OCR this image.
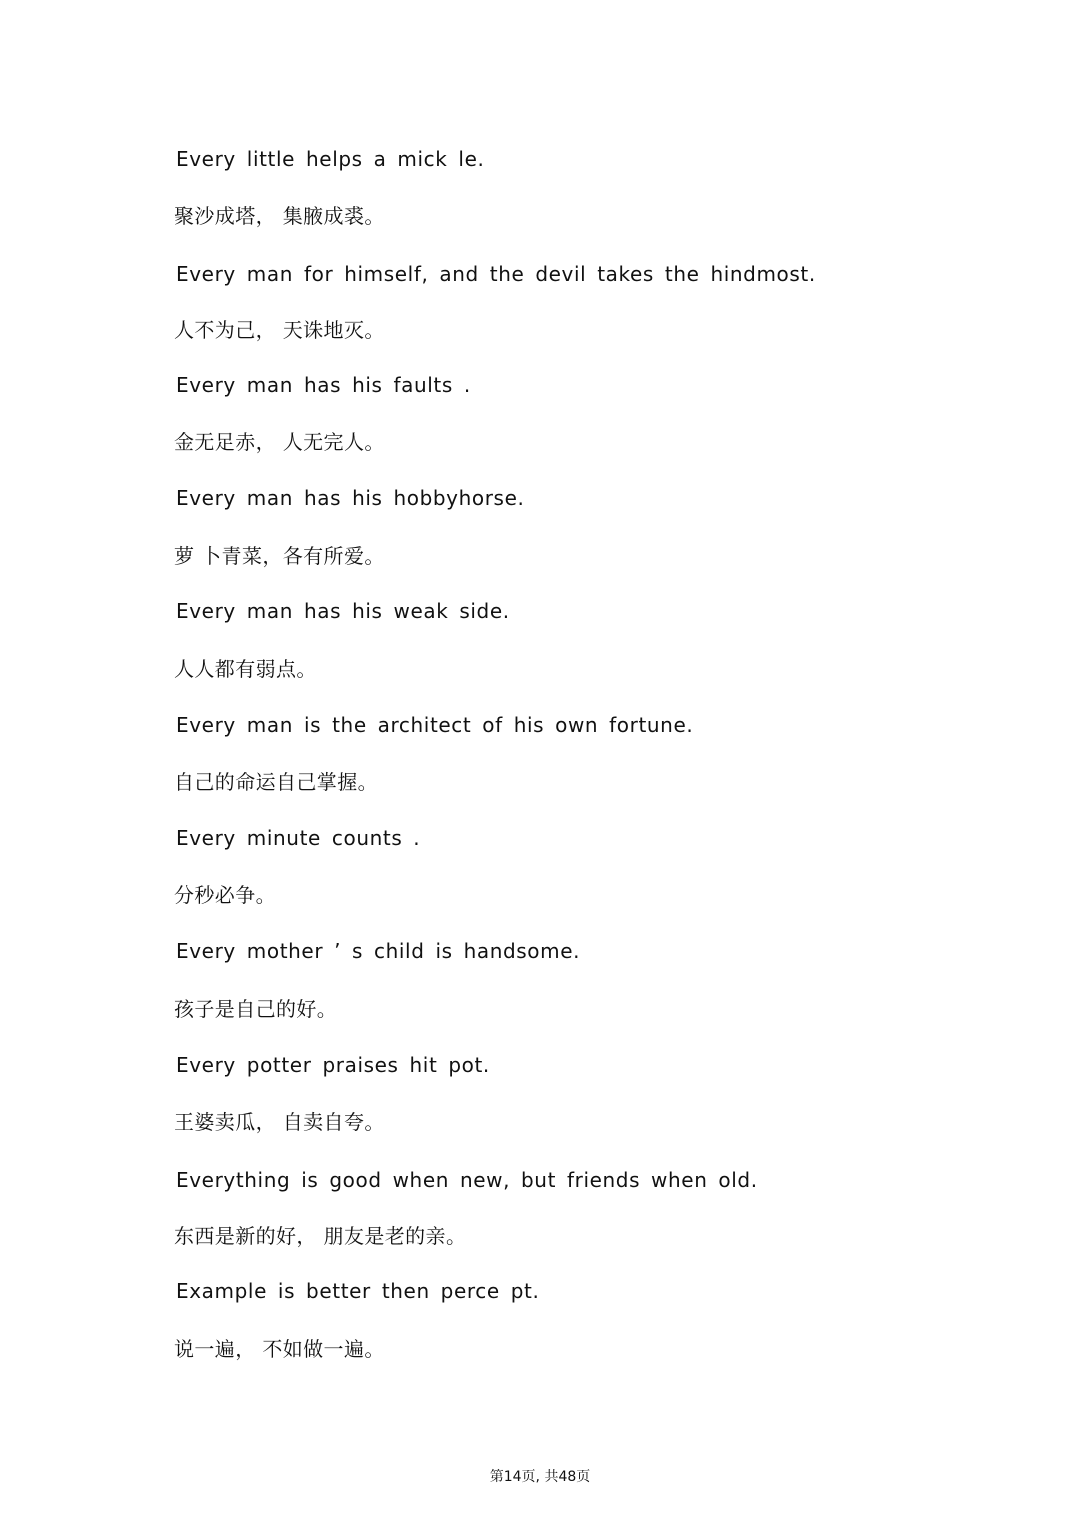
Every little helps a mick le.
聚沙成塔， 集腋成裘。
Every man for himself, and the devil takes the hindmost.
人不为己， 天诛地灭。
Every man has his faults .
金无足赤， 人无完人。
Every man has his hobbyhorse.
萝 卜青菜，各有所爱。
Every man has his weak side.
人人都有弱点。
Every man is the architect of his own fortune.
自己的命运自己掌握。
Every minute counts .
分秒必争。
Every mother ’ s child is handsome.
孩子是自己的好。
Every potter praises hit pot.
王婆卖瓜， 自卖自夸。
Everything is good when new, but friends when old.
东西是新的好， 朋友是老的亲。
Example is better then perce pt.
说一遍， 不如做一遍。
第14页, 共48页
